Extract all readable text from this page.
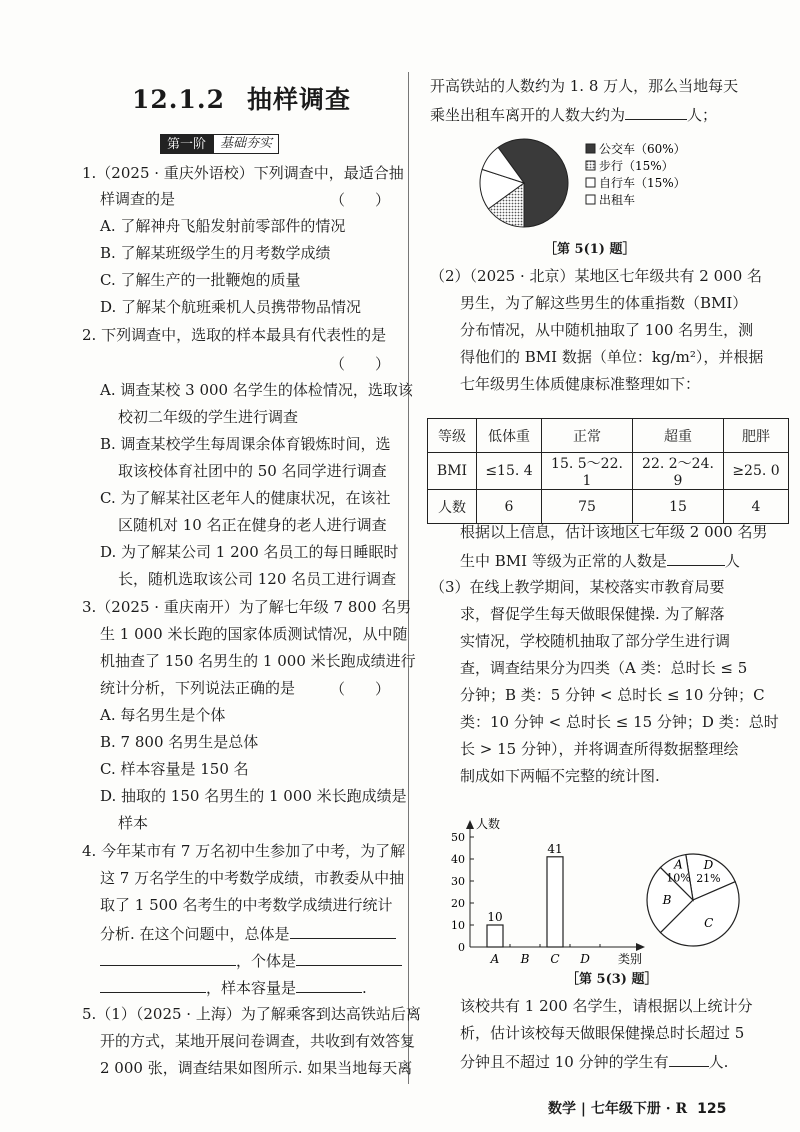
12.1.2 抽样调查
第一阶	基础夯实
1.（2025 · 重庆外语校）下列调查中，最适合抽
样调查的是	（　　）
A. 了解神舟飞船发射前零部件的情况
B. 了解某班级学生的月考数学成绩
C. 了解生产的一批鞭炮的质量
D. 了解某个航班乘机人员携带物品情况
2. 下列调查中，选取的样本最具有代表性的是
（　　）
A. 调查某校 3 000 名学生的体检情况，选取该
校初二年级的学生进行调查
B. 调查某校学生每周课余体育锻炼时间，选
取该校体育社团中的 50 名同学进行调查
C. 为了解某社区老年人的健康状况，在该社
区随机对 10 名正在健身的老人进行调查
D. 为了解某公司 1 200 名员工的每日睡眠时
长，随机选取该公司 120 名员工进行调查
3.（2025 · 重庆南开）为了解七年级 7 800 名男
生 1 000 米长跑的国家体质测试情况，从中随
机抽查了 150 名男生的 1 000 米长跑成绩进行
统计分析，下列说法正确的是 （　　）
A. 每名男生是个体
B. 7 800 名男生是总体
C. 样本容量是 150 名
D. 抽取的 150 名男生的 1 000 米长跑成绩是
样本
4. 今年某市有 7 万名初中生参加了中考，为了解
这 7 万名学生的中考数学成绩，市教委从中抽
取了 1 500 名考生的中考数学成绩进行统计
分析. 在这个问题中，总体是
，个体是
，样本容量是	.
5.（1）（2025 · 上海）为了解乘客到达高铁站后离
开的方式，某地开展问卷调查，共收到有效答复
2 000 张，调查结果如图所示. 如果当地每天离
开高铁站的人数约为 1. 8 万人，那么当地每天
乘坐出租车离开的人数大约为	人；
公交车（60%）
步行（15%）
自行车（15%）
出租车
［第 5(1) 题］
（2）（2025 · 北京）某地区七年级共有 2 000 名
男生，为了解这些男生的体重指数（BMI）
分布情况，从中随机抽取了 100 名男生，测
得他们的 BMI 数据（单位：kg/m²），并根据
七年级男生体质健康标准整理如下：
等级	低体重	正常	超重	肥胖
BMI	≤15. 4	15. 5～22. 1	22. 2～24. 9	≥25. 0
人数	6	75	15	4
根据以上信息，估计该地区七年级 2 000 名男
生中 BMI 等级为正常的人数是	人
（3）在线上教学期间，某校落实市教育局要
求，督促学生每天做眼保健操. 为了解落
实情况，学校随机抽取了部分学生进行调
查，调查结果分为四类（A 类：总时长 ≤ 5
分钟；B 类：5 分钟 < 总时长 ≤ 10 分钟；C
类：10 分钟 < 总时长 ≤ 15 分钟；D 类：总时
长 > 15 分钟），并将调查所得数据整理绘
制成如下两幅不完整的统计图.
人数
类别
0
10
20
30
40
50
A
10
B C
41
D
D
21%
C
B
A
10%
［第 5(3) 题］
该校共有 1 200 名学生，请根据以上统计分
析，估计该校每天做眼保健操总时长超过 5
分钟且不超过 10 分钟的学生有	人.
数学 | 七年级下册 · R 125
